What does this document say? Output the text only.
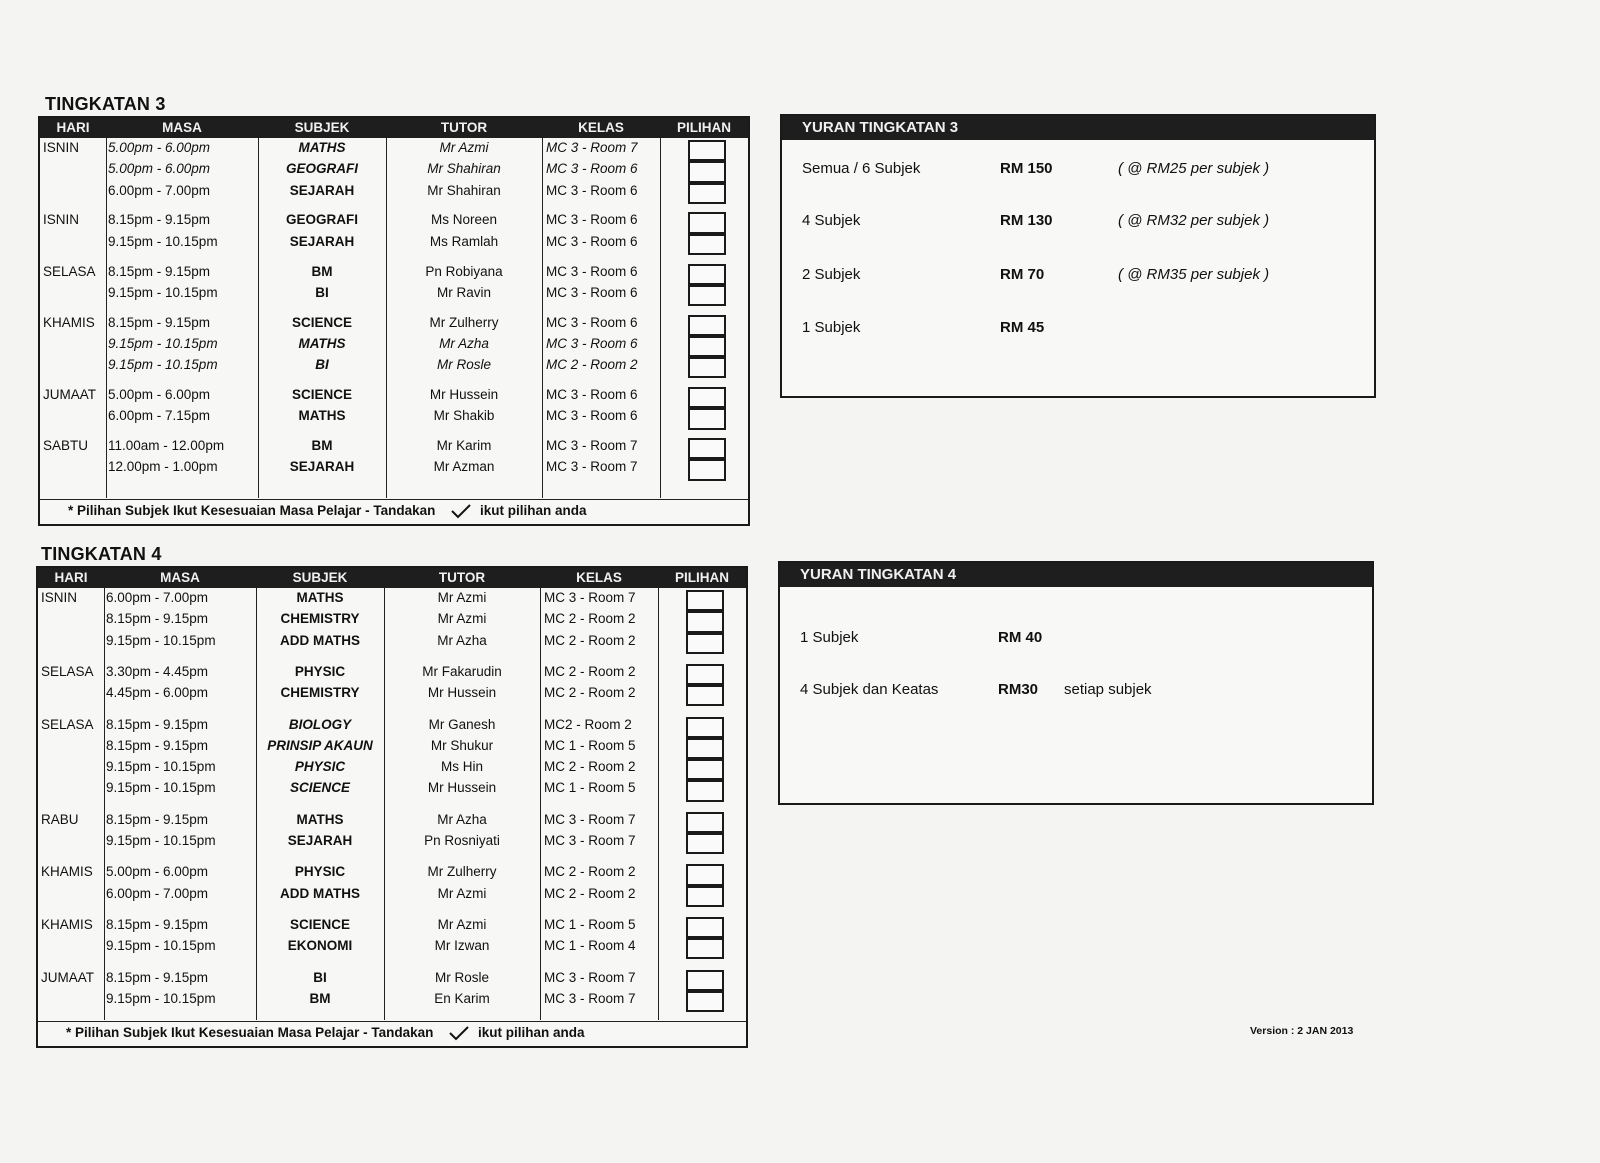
TINGKATAN 3
HARI	MASA	SUBJEK	TUTOR	KELAS	PILIHAN
ISNIN 5.00pm - 6.00pm	MATHS	Mr Azmi	MC 3 - Room 7
5.00pm - 6.00pm	GEOGRAFI	Mr Shahiran	MC 3 - Room 6
6.00pm - 7.00pm	SEJARAH	Mr Shahiran	MC 3 - Room 6
ISNIN 8.15pm - 9.15pm	GEOGRAFI	Ms Noreen	MC 3 - Room 6
9.15pm - 10.15pm	SEJARAH	Ms Ramlah	MC 3 - Room 6
SELASA 8.15pm - 9.15pm	BM	Pn Robiyana	MC 3 - Room 6
9.15pm - 10.15pm	BI	Mr Ravin	MC 3 - Room 6
KHAMIS 8.15pm - 9.15pm	SCIENCE	Mr Zulherry	MC 3 - Room 6
9.15pm - 10.15pm	MATHS	Mr Azha	MC 3 - Room 6
9.15pm - 10.15pm	BI	Mr Rosle	MC 2 - Room 2
JUMAAT 5.00pm - 6.00pm	SCIENCE	Mr Hussein	MC 3 - Room 6
6.00pm - 7.15pm	MATHS	Mr Shakib	MC 3 - Room 6
SABTU 11.00am - 12.00pm	BM	Mr Karim	MC 3 - Room 7
12.00pm - 1.00pm	SEJARAH	Mr Azman	MC 3 - Room 7
* Pilihan Subjek Ikut Kesesuaian Masa Pelajar - Tandakan	ikut pilihan anda
TINGKATAN 4
HARI	MASA	SUBJEK	TUTOR	KELAS	PILIHAN
ISNIN 6.00pm - 7.00pm	MATHS	Mr Azmi	MC 3 - Room 7
8.15pm - 9.15pm	CHEMISTRY	Mr Azmi	MC 2 - Room 2
9.15pm - 10.15pm	ADD MATHS	Mr Azha	MC 2 - Room 2
SELASA 3.30pm - 4.45pm	PHYSIC	Mr Fakarudin	MC 2 - Room 2
4.45pm - 6.00pm	CHEMISTRY	Mr Hussein	MC 2 - Room 2
SELASA 8.15pm - 9.15pm	BIOLOGY	Mr Ganesh	MC2 - Room 2
8.15pm - 9.15pm	PRINSIP AKAUN	Mr Shukur	MC 1 - Room 5
9.15pm - 10.15pm	PHYSIC	Ms Hin	MC 2 - Room 2
9.15pm - 10.15pm	SCIENCE	Mr Hussein	MC 1 - Room 5
RABU 8.15pm - 9.15pm	MATHS	Mr Azha	MC 3 - Room 7
9.15pm - 10.15pm	SEJARAH	Pn Rosniyati	MC 3 - Room 7
KHAMIS 5.00pm - 6.00pm	PHYSIC	Mr Zulherry	MC 2 - Room 2
6.00pm - 7.00pm	ADD MATHS	Mr Azmi	MC 2 - Room 2
KHAMIS 8.15pm - 9.15pm	SCIENCE	Mr Azmi	MC 1 - Room 5
9.15pm - 10.15pm	EKONOMI	Mr Izwan	MC 1 - Room 4
JUMAAT 8.15pm - 9.15pm	BI	Mr Rosle	MC 3 - Room 7
9.15pm - 10.15pm	BM	En Karim	MC 3 - Room 7
* Pilihan Subjek Ikut Kesesuaian Masa Pelajar - Tandakan	ikut pilihan anda
YURAN TINGKATAN 3
Semua / 6 Subjek	RM 150	( @ RM25 per subjek )
4 Subjek	RM 130	( @ RM32 per subjek )
2 Subjek	RM 70	( @ RM35 per subjek )
1 Subjek	RM 45
YURAN TINGKATAN 4
1 Subjek	RM 40
4 Subjek dan Keatas	RM30 setiap subjek
Version : 2 JAN 2013
